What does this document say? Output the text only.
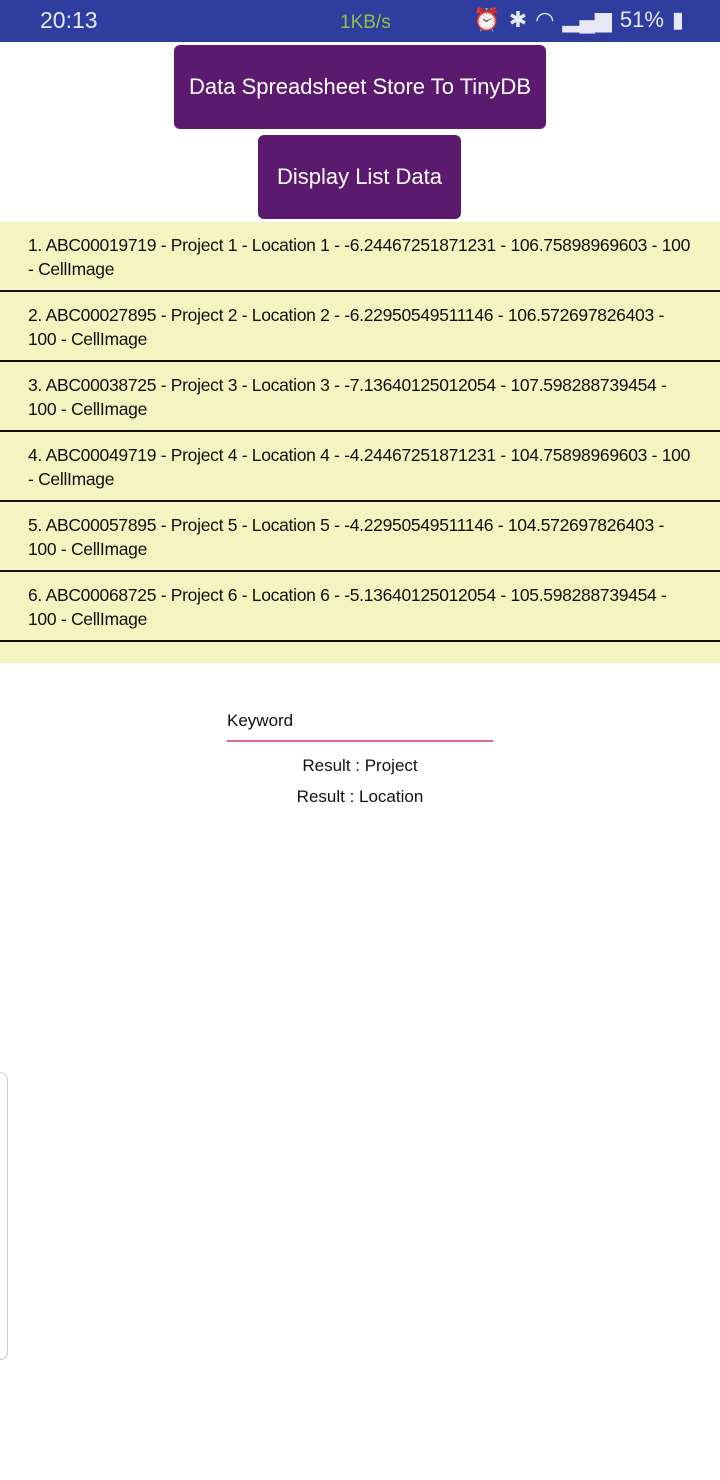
20:13	1KB/s	⏰ ✱ ◠ ▂▄▆ 51% ▮
Data Spreadsheet Store To TinyDB
Display List Data
1. ABC00019719 - Project 1 - Location 1 - -6.24467251871231 - 106.75898969603 - 100 - CellImage
2. ABC00027895 - Project 2 - Location 2 - -6.22950549511146 - 106.572697826403 - 100 - CellImage
3. ABC00038725 - Project 3 - Location 3 - -7.13640125012054 - 107.598288739454 - 100 - CellImage
4. ABC00049719 - Project 4 - Location 4 - -4.24467251871231 - 104.75898969603 - 100 - CellImage
5. ABC00057895 - Project 5 - Location 5 - -4.22950549511146 - 104.572697826403 - 100 - CellImage
6. ABC00068725 - Project 6 - Location 6 - -5.13640125012054 - 105.598288739454 - 100 - CellImage
Keyword
Result : Project
Result : Location
